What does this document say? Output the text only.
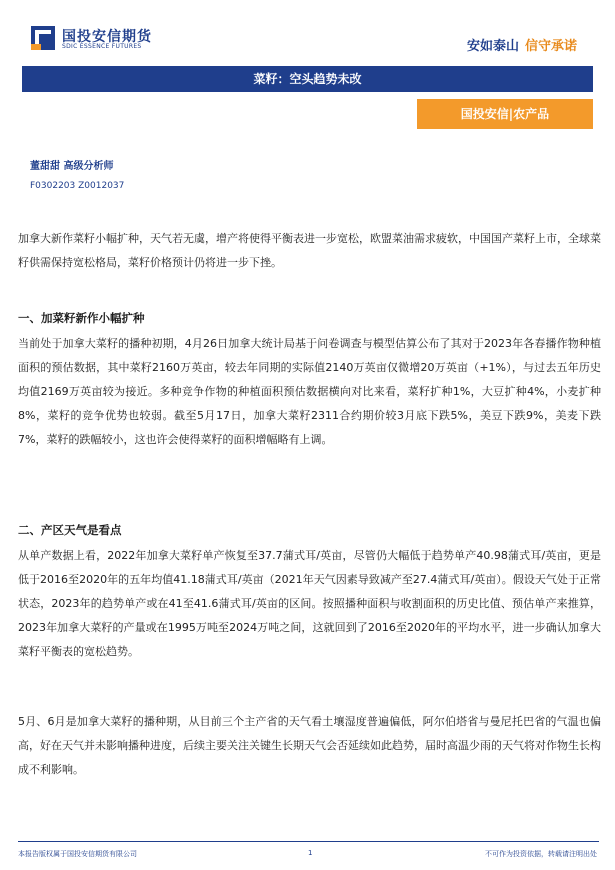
国投安信期货
SDIC ESSENCE FUTURES	安如泰山 信守承诺
菜籽：空头趋势未改
国投安信|农产品
董甜甜 高级分析师
F0302203 Z0012037
加拿大新作菜籽小幅扩种，天气若无虞，增产将使得平衡表进一步宽松，欧盟菜油需求疲软，中国国产菜籽上市，全球菜籽供需保持宽松格局，菜籽价格预计仍将进一步下挫。
一、加菜籽新作小幅扩种
当前处于加拿大菜籽的播种初期，4月26日加拿大统计局基于问卷调查与模型估算公布了其对于2023年各春播作物种植面积的预估数据，其中菜籽2160万英亩，较去年同期的实际值2140万英亩仅微增20万英亩（+1%），与过去五年历史均值2169万英亩较为接近。多种竞争作物的种植面积预估数据横向对比来看，菜籽扩种1%，大豆扩种4%，小麦扩种8%，菜籽的竞争优势也较弱。截至5月17日，加拿大菜籽2311合约期价较3月底下跌5%，美豆下跌9%，美麦下跌7%，菜籽的跌幅较小，这也许会使得菜籽的面积增幅略有上调。
二、产区天气是看点
从单产数据上看，2022年加拿大菜籽单产恢复至37.7蒲式耳/英亩，尽管仍大幅低于趋势单产40.98蒲式耳/英亩，更是低于2016至2020年的五年均值41.18蒲式耳/英亩（2021年天气因素导致减产至27.4蒲式耳/英亩）。假设天气处于正常状态，2023年的趋势单产或在41至41.6蒲式耳/英亩的区间。按照播种面积与收割面积的历史比值、预估单产来推算，2023年加拿大菜籽的产量或在1995万吨至2024万吨之间，这就回到了2016至2020年的平均水平，进一步确认加拿大菜籽平衡表的宽松趋势。
5月、6月是加拿大菜籽的播种期，从目前三个主产省的天气看土壤湿度普遍偏低，阿尔伯塔省与曼尼托巴省的气温也偏高，好在天气并未影响播种进度，后续主要关注关键生长期天气会否延续如此趋势，届时高温少雨的天气将对作物生长构成不利影响。
本报告版权属于国投安信期货有限公司	1	不可作为投资依据，转载请注明出处
